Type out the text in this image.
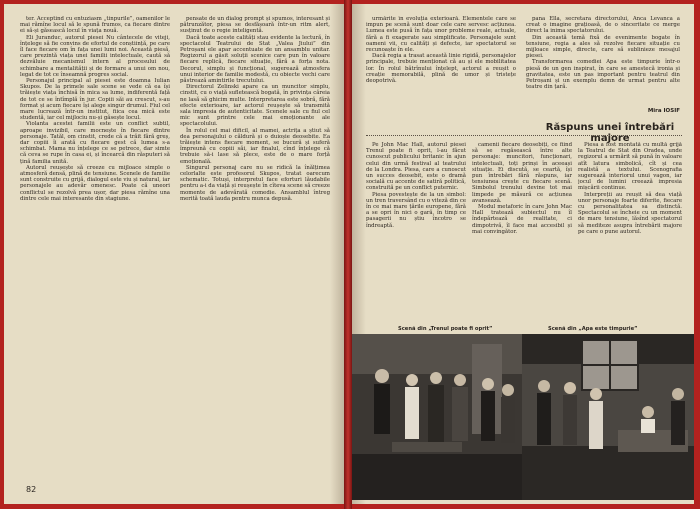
ter. Acceptind cu entuziasm „tinpurile”, oamenilor le mai rămîne locul să le spună frumos, ca fiecare dintre ei să-și găsească locul în viața nouă.

Eli Juranduc, autorul piesei Nu cântecele de viteji, înțelege să fie convins de efortul de conștiință, pe care îl face fiecare om în fața unei lumi noi. Această piesă, care prezintă viața unei familii intelectuale, caută să dezvăluie mecanismul intern al procesului de schimbare a mentalității și de formare a unui om nou, legat de tot ce înseamnă progres social.

Personajul principal al piesei este doamna Iulian Skupos. De la primele sale scene se vede că ea își trăiește viața închisă în mica sa lume, indiferentă față de tot ce se întîmplă în jur. Copiii săi au crescut, s-au format și acum fiecare își alege singur drumul. Fiul cel mare lucrează într-un institut, fiica cea mică este studentă, iar cel mijlociu nu-și găsește locul.

Violanta acestei familii este un conflict subtil, aproape invizibil, care mocnește în fiecare dintre personaje. Tatăl, om cinstit, crede că a trăit fără greș, dar copiii îi arată cu fiecare gest că lumea s-a schimbat. Mama nu înțelege ce se petrece, dar simte că ceva se rupe în casa ei, și încearcă din răsputeri să țină familia unită.

Autorul reușește să creeze cu mijloace simple o atmosferă densă, plină de tensiune. Scenele de familie sunt construite cu grijă, dialogul este viu și natural, iar personajele au adevăr omenesc. Poate că uneori conflictul se rezolvă prea ușor, dar piesa rămîne una dintre cele mai interesante din stagiune.

pensate de un dialog prompt și spumos, interesant și pătrunzător, piesa se desfășoară într-un ritm alert, susținut de o regie inteligentă.

Dacă toate aceste calități stau evidente la lectură, în spectacolul Teatrului de Stat „Valea Jiului” din Petroșani ele apar accentuate de un ansamblu unitar. Regizorul a găsit soluții scenice care pun în valoare fiecare replică, fiecare situație, fără a forța nota. Decorul, simplu și funcțional, sugerează atmosfera unui interior de familie modestă, cu obiecte vechi care păstrează amintirile trecutului.

Directorul Zelinski apare ca un muncitor simplu, cinstit, cu o viață sufletească bogată, în privința căreia ne lasă să ghicim multe. Interpretarea este sobră, fără efecte exterioare, iar actorul reușește să transmită sala impresia de autenticitate. Scenele sale cu fiul cel mic sunt printre cele mai emoționante ale spectacolului.

În rolul cel mai dificil, al mamei, actrița a știut să dea personajului o căldură și o duioșie deosebite. Ea trăiește intens fiecare moment, se bucură și suferă împreună cu copiii săi, iar finalul, cînd înțelege că trebuie să-i lase să plece, este de o mare forță emoțională.

Singurul personaj care nu se ridică la înălțimea celorlalte este profesorul Skupos, tratat oarecum schematic. Totuși, interpretul face eforturi lăudabile pentru a-i da viață și reușește în cîteva scene să creeze momente de adevărată comedie. Ansamblul întreg merită toată lauda pentru munca depusă.

82

urmărite în evoluția exterioară. Elementele care se impun pe scenă sunt doar cele care servesc acțiunea. Lumea este pusă în fața unor probleme reale, actuale, fără a fi exagerate sau simplificate. Personajele sunt oameni vii, cu calități și defecte, iar spectatorul se recunoaște în ele.

Dacă regia a trasat această linie rigidă, personajelor principale, trebuie menționat că au și ele mobilitatea lor. În rolul bătrînului înțelept, actorul a reușit o creație memorabilă, plină de umor și tristețe deopotrivă.

pana Ella, secretara directorului, Anca Levanca a creat o imagine grațioasă, de o sinceritate ce merge direct la inima spectatorului.

Din această temă fixă de evenimente bogate în tensiune, regia a ales să rezolve fiecare situație cu mijloace simple, directe, care să sublinieze mesajul piesei.

Transformarea comediei Apa este timpurie într-o piesă de un gen inspirat, în care se amestecă ironia și gravitatea, este un pas important pentru teatrul din Petroșani și un exemplu demn de urmat pentru alte teatre din țară.

Mira IOSIF
Răspuns unei întrebări majore

Pe John Mac Hall, autorul piesei Trenul poate fi oprit, l-au făcut cunoscut publicului britanic în ajun celui din urmă festival al teatrului de la Londra. Piesa, care a cunoscut un succes deosebit, este o dramă socială cu accente de satiră politică, construită pe un conflict puternic.

Piesa povestește de la un simbol: un tren traversând cu o viteză din ce în ce mai mare țările europene, fără a se opri în nici o gară, în timp ce pasagerii nu știu încotro se îndreaptă.

camenii fiecare deosebiți, ce fiind să se regăsească între alte personaje: muncitori, funcționari, intelectuali, toți prinși în aceeași situație. Ei discută, se ceartă, își pun întrebări fără răspuns, iar tensiunea crește cu fiecare scenă. Simbolul trenului devine tot mai limpede pe măsură ce acțiunea avansează.

Modul metaforic în care John Mac Hall tratează subiectul nu îl îndepărtează de realitate, ci dimpotrivă, îl face mai accesibil și mai convingător.

Piesa a fost montată cu multă grijă la Teatrul de Stat din Oradea, unde regizorul a urmărit să pună în valoare atît latura simbolică, cît și cea realistă a textului. Scenografia sugerează interiorul unui vagon, iar jocul de lumini creează impresia mișcării continue.

Interpreții au reușit să dea viață unor personaje foarte diferite, fiecare cu personalitatea sa distinctă. Spectacolul se încheie cu un moment de mare tensiune, lăsînd spectatorul să mediteze asupra întrebării majore pe care o pune autorul.

Scenă din „Trenul poate fi oprit”	Scenă din „Apa este timpurie”
